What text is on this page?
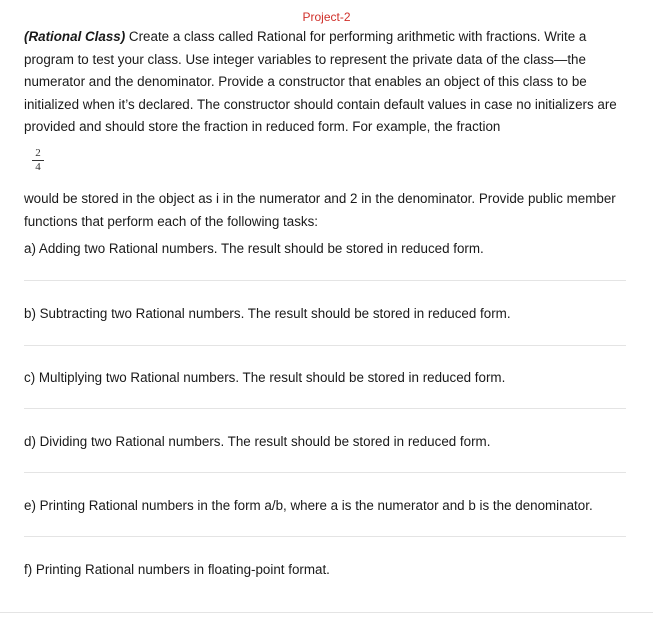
Project-2

(Rational Class) Create a class called Rational for performing arithmetic with fractions. Write a program to test your class. Use integer variables to represent the private data of the class—the numerator and the denominator. Provide a constructor that enables an object of this class to be initialized when it’s declared. The constructor should contain default values in case no initializers are provided and should store the fraction in reduced form. For example, the fraction

2
4

would be stored in the object as i in the numerator and 2 in the denominator. Provide public member functions that perform each of the following tasks:

a) Adding two Rational numbers. The result should be stored in reduced form.

b) Subtracting two Rational numbers. The result should be stored in reduced form.

c) Multiplying two Rational numbers. The result should be stored in reduced form.

d) Dividing two Rational numbers. The result should be stored in reduced form.

e) Printing Rational numbers in the form a/b, where a is the numerator and b is the denominator.

f) Printing Rational numbers in floating-point format.
